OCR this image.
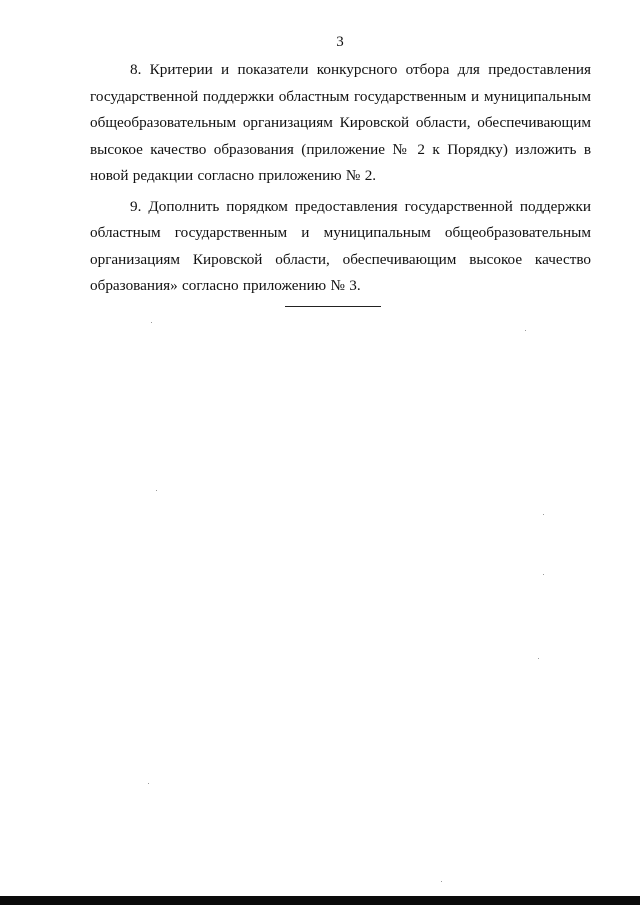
3

8. Критерии и показатели конкурсного отбора для предоставления государственной поддержки областным государственным и муниципальным общеобразовательным организациям Кировской области, обеспечивающим высокое качество образования (приложение № 2 к Порядку) изложить в новой редакции согласно приложению № 2.

9. Дополнить порядком предоставления государственной поддержки областным государственным и муниципальным общеобразовательным организациям Кировской области, обеспечивающим высокое качество образования» согласно приложению № 3.
